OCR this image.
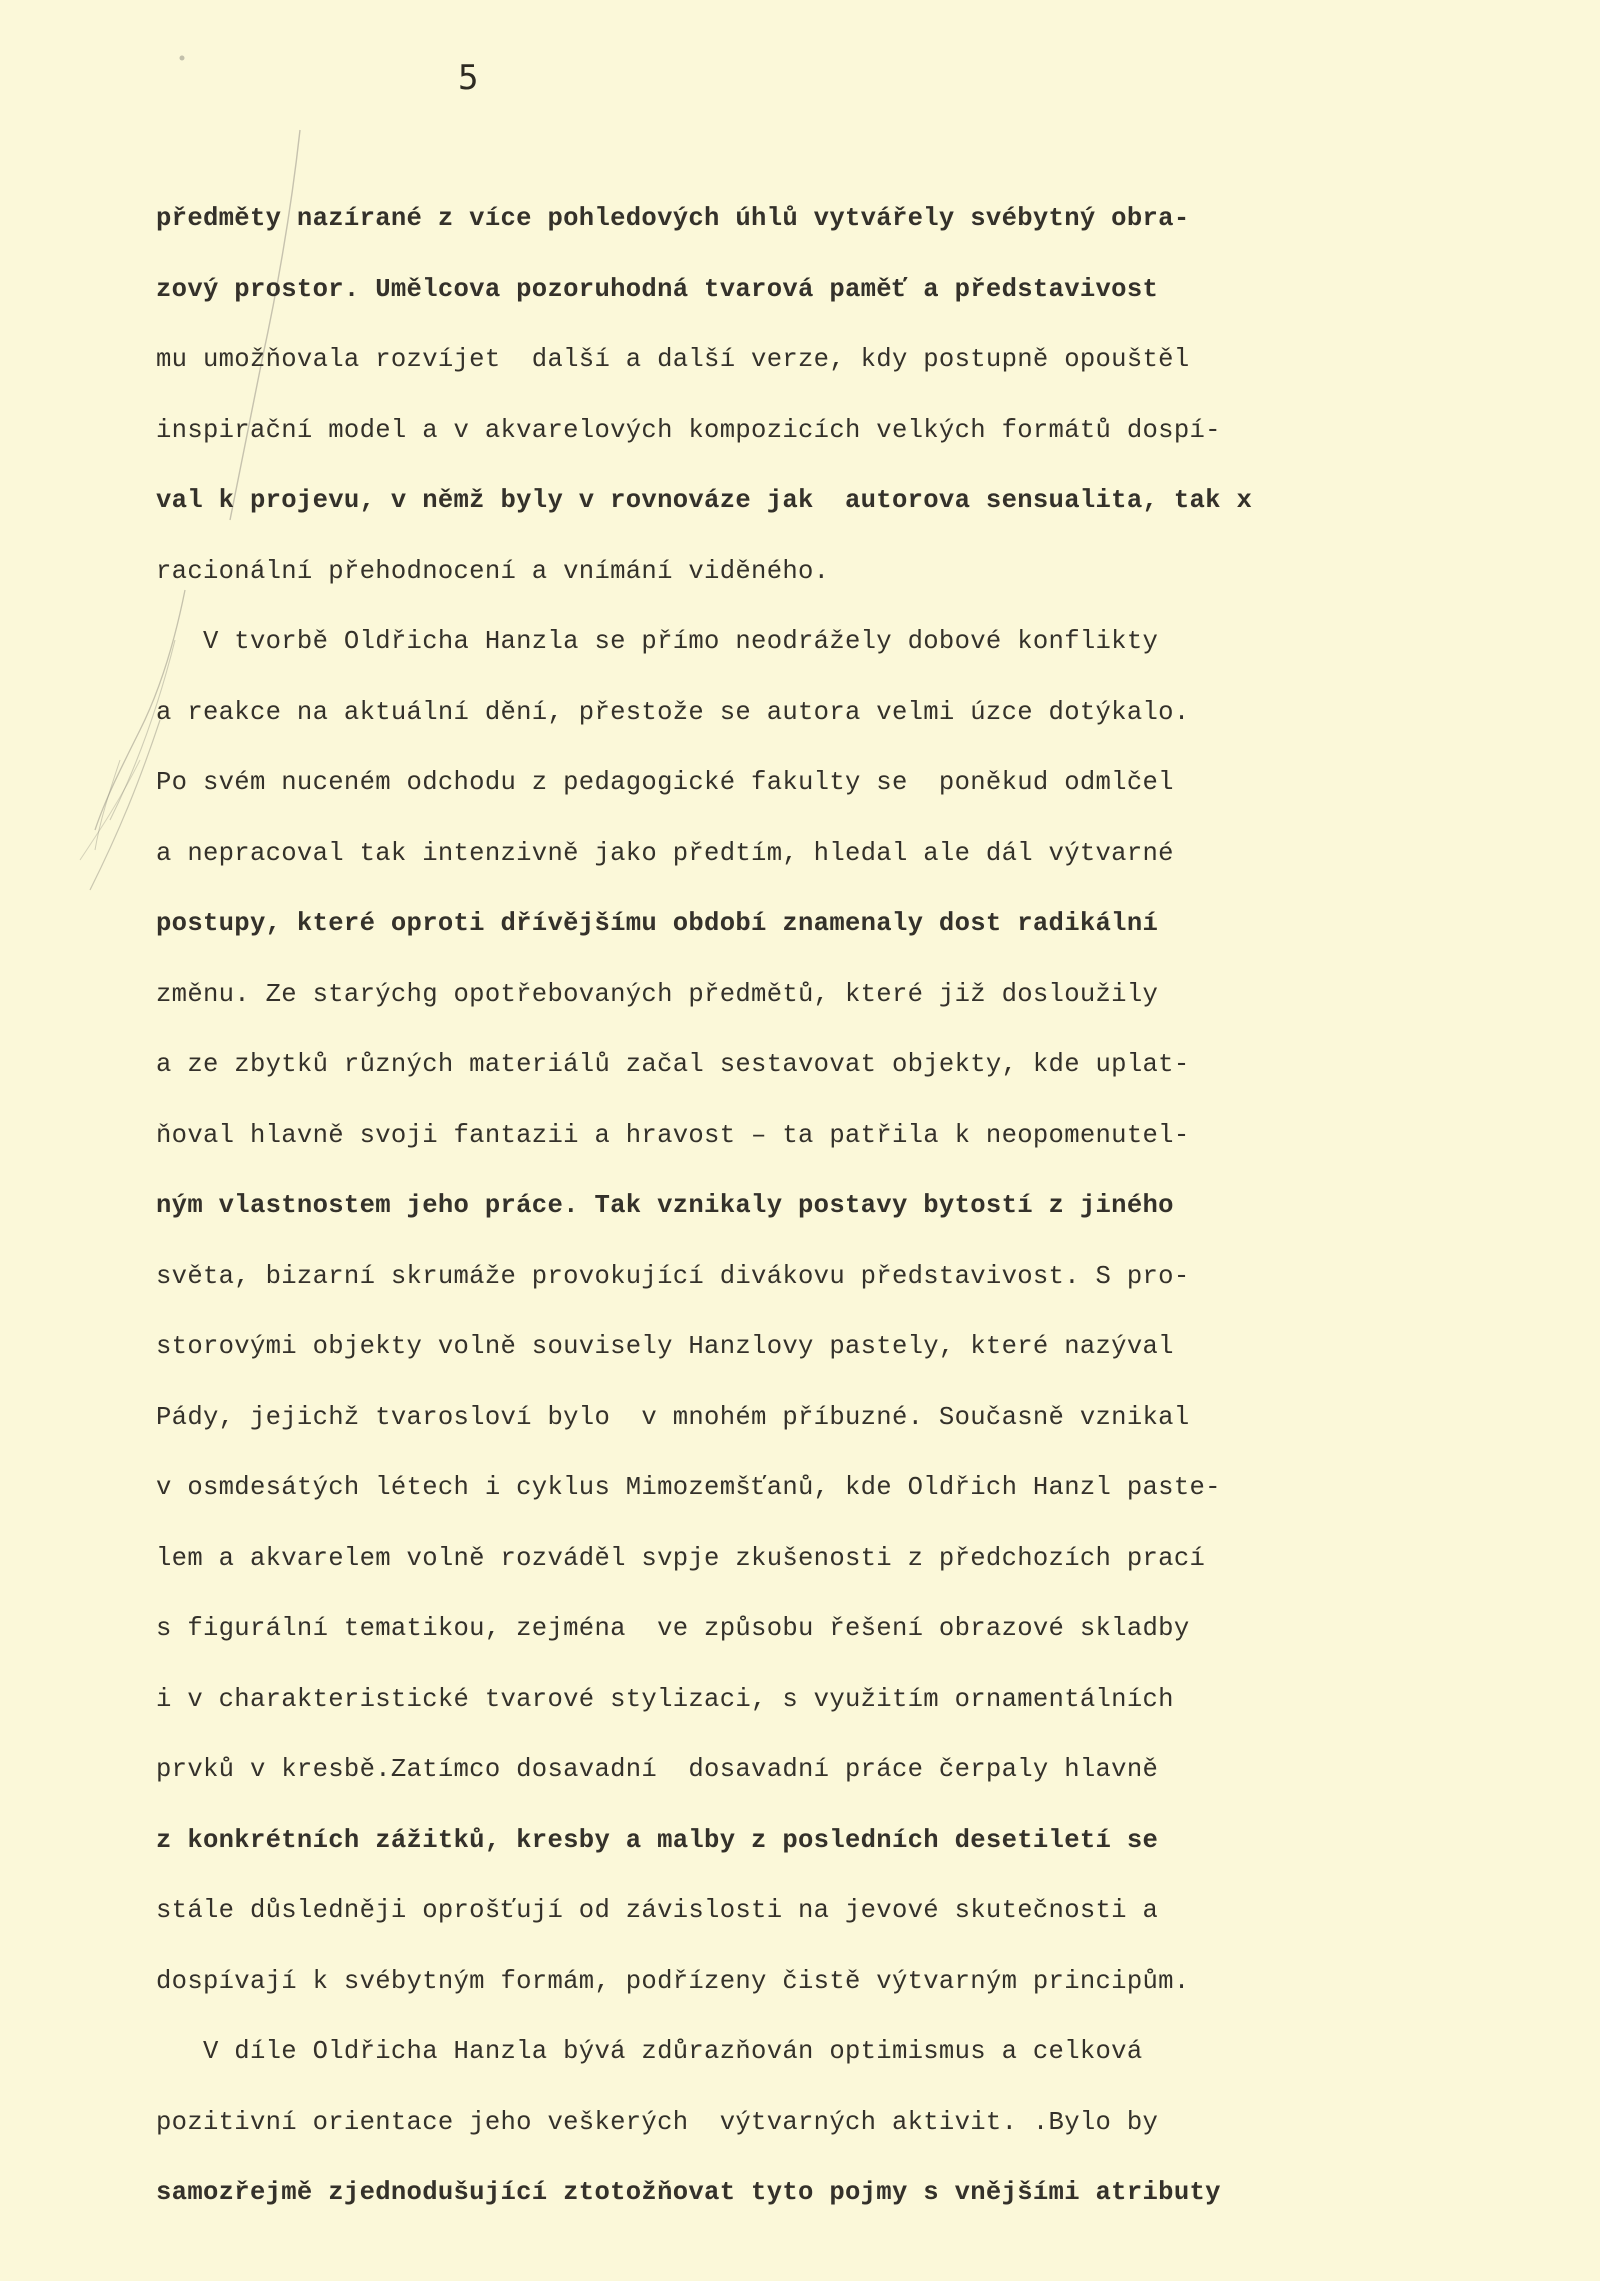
5
předměty nazírané z více pohledových úhlů vytvářely svébytný obra-
zový prostor. Umělcova pozoruhodná tvarová paměť a představivost
mu umožňovala rozvíjet  další a další verze, kdy postupně opouštěl
inspirační model a v akvarelových kompozicích velkých formátů dospí-
val k projevu, v němž byly v rovnováze jak  autorova sensualita, tak x
racionální přehodnocení a vnímání viděného.
V tvorbě Oldřicha Hanzla se přímo neodrážely dobové konflikty
a reakce na aktuální dění, přestože se autora velmi úzce dotýkalo.
Po svém nuceném odchodu z pedagogické fakulty se  poněkud odmlčel
a nepracoval tak intenzivně jako předtím, hledal ale dál výtvarné
postupy, které oproti dřívějšímu období znamenaly dost radikální
změnu. Ze starýchg opotřebovaných předmětů, které již dosloužily
a ze zbytků různých materiálů začal sestavovat objekty, kde uplat-
ňoval hlavně svoji fantazii a hravost – ta patřila k neopomenutel-
ným vlastnostem jeho práce. Tak vznikaly postavy bytostí z jiného
světa, bizarní skrumáže provokující divákovu představivost. S pro-
storovými objekty volně souvisely Hanzlovy pastely, které nazýval
Pády, jejichž tvarosloví bylo  v mnohém příbuzné. Současně vznikal
v osmdesátých létech i cyklus Mimozemšťanů, kde Oldřich Hanzl paste-
lem a akvarelem volně rozváděl svpje zkušenosti z předchozích prací
s figurální tematikou, zejména  ve způsobu řešení obrazové skladby
i v charakteristické tvarové stylizaci, s využitím ornamentálních
prvků v kresbě.Zatímco dosavadní  dosavadní práce čerpaly hlavně
z konkrétních zážitků, kresby a malby z posledních desetiletí se
stále důsledněji oprošťují od závislosti na jevové skutečnosti a
dospívají k svébytným formám, podřízeny čistě výtvarným principům.
V díle Oldřicha Hanzla bývá zdůrazňován optimismus a celková
pozitivní orientace jeho veškerých  výtvarných aktivit. .Bylo by
samozřejmě zjednodušující ztotožňovat tyto pojmy s vnějšími atributy
